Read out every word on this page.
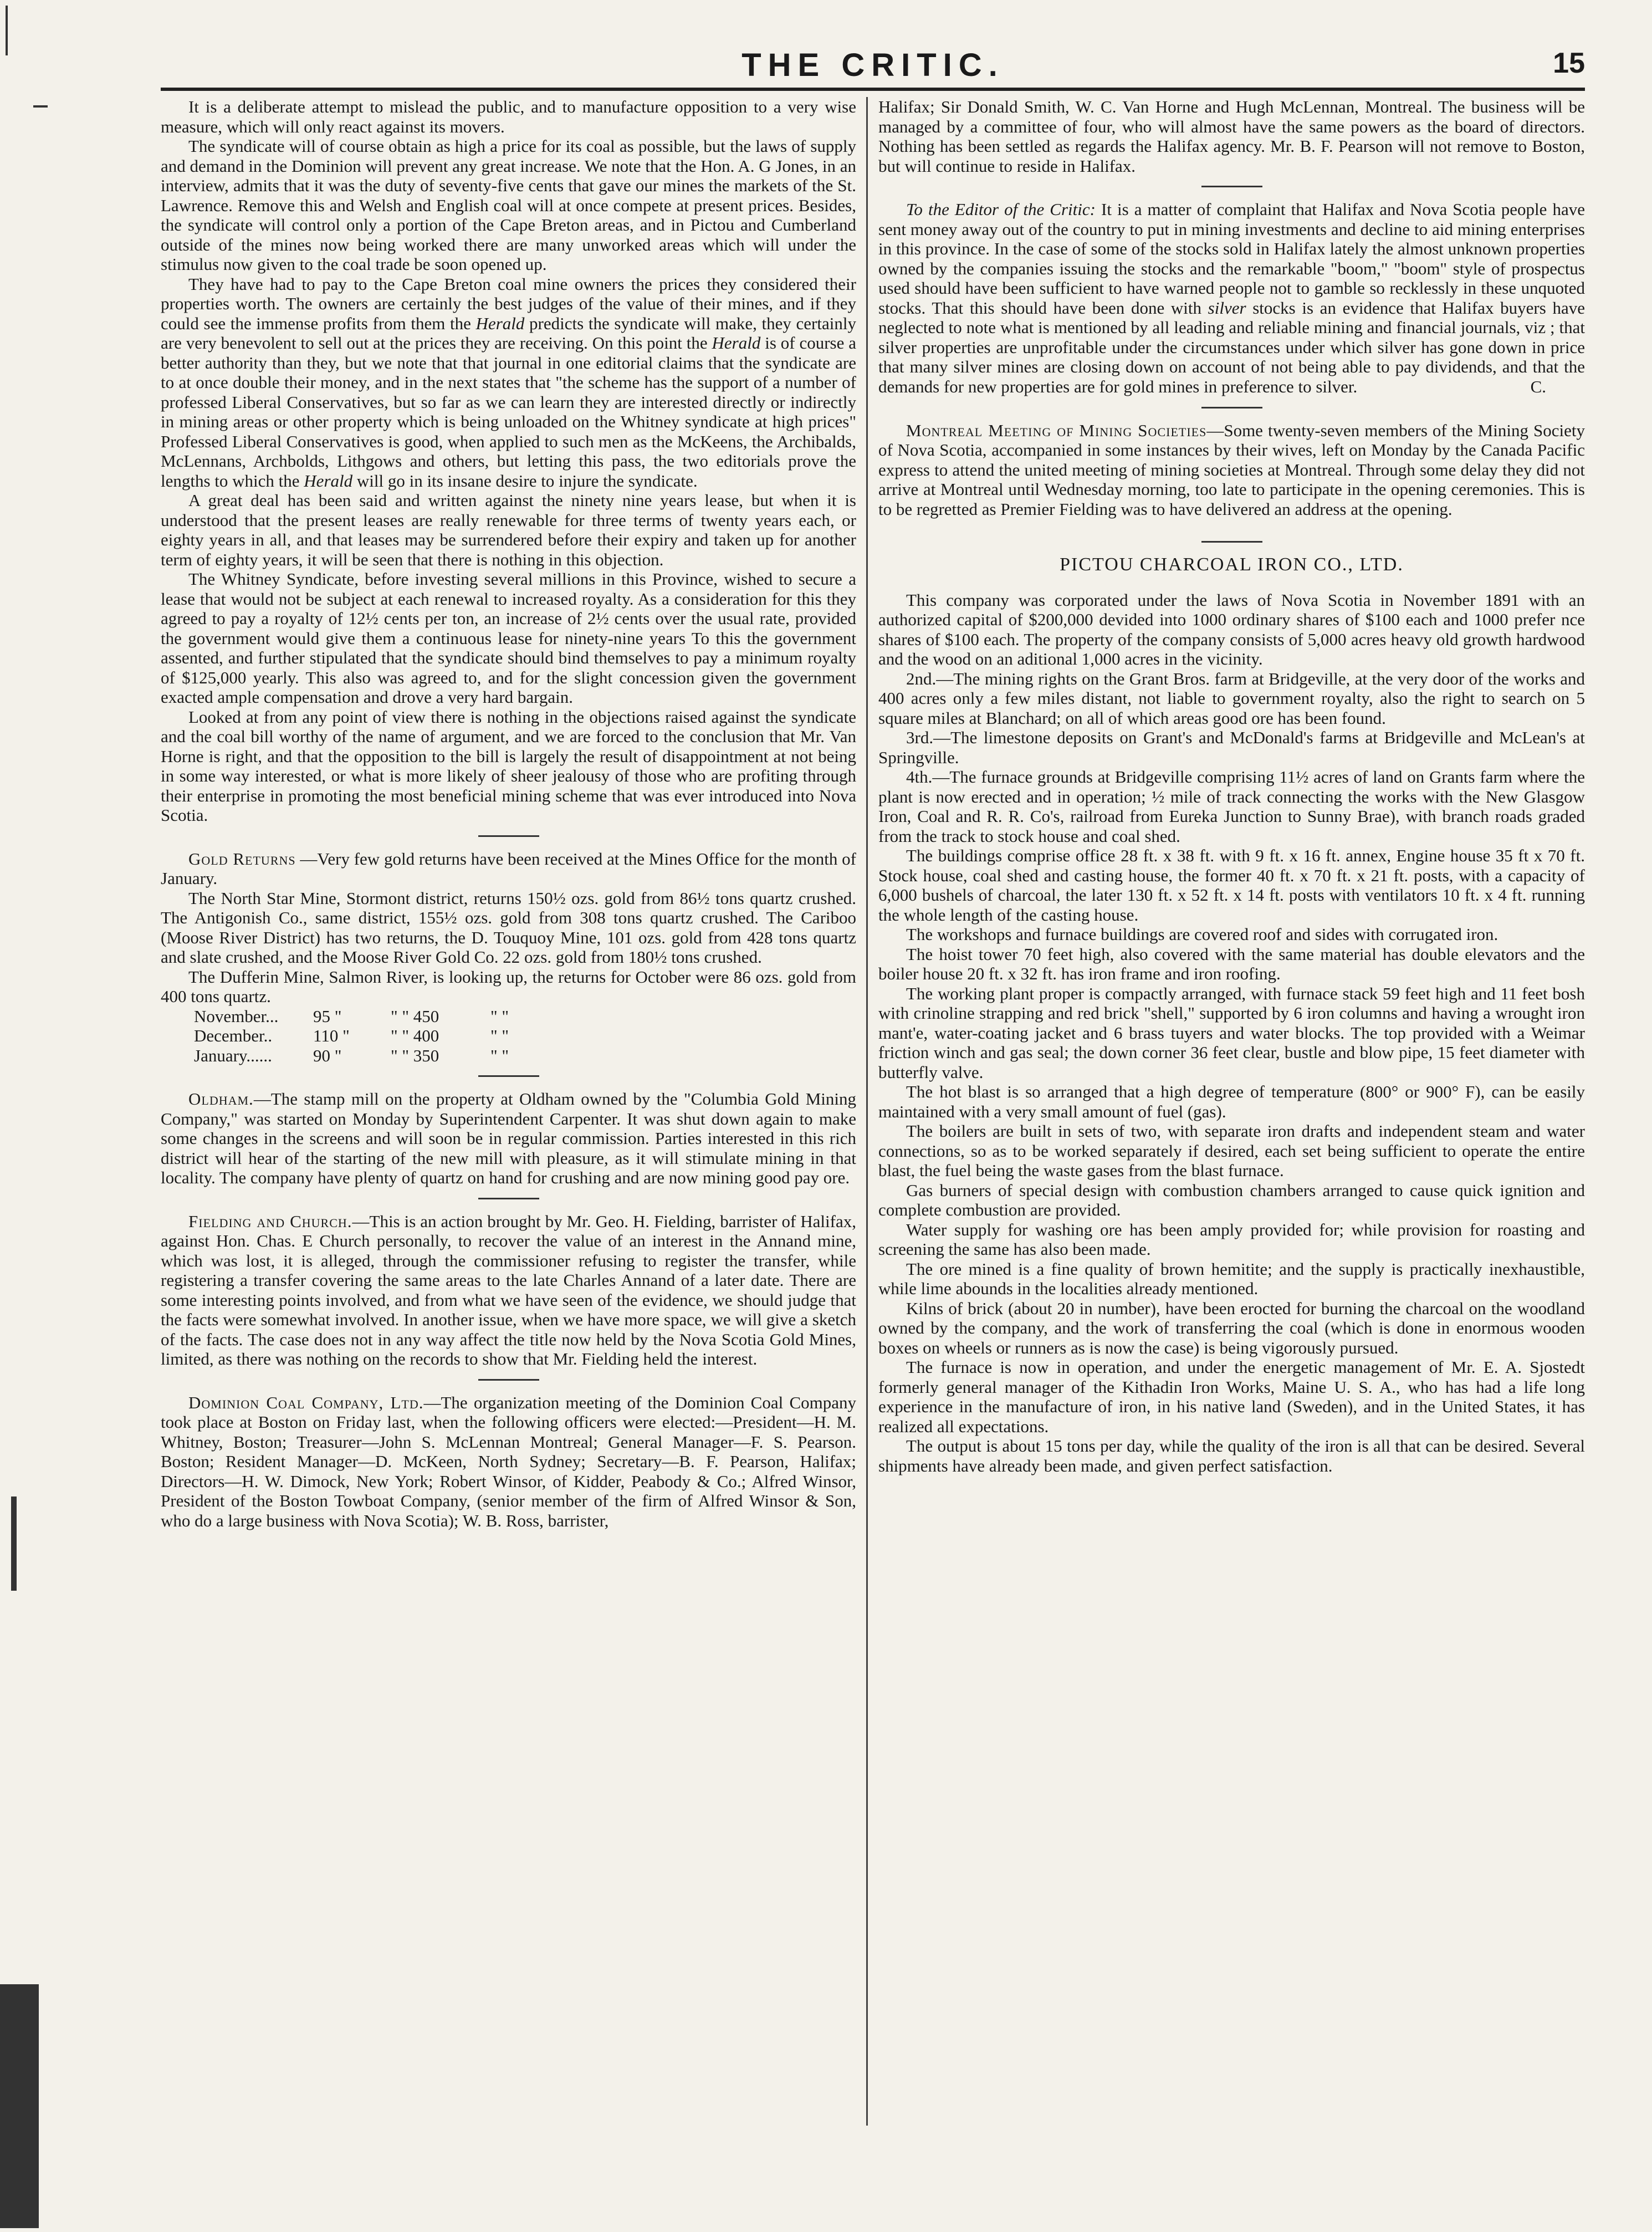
THE CRITIC.	15

It is a deliberate attempt to mislead the public, and to manufacture opposition to a very wise measure, which will only react against its movers.

The syndicate will of course obtain as high a price for its coal as possible, but the laws of supply and demand in the Dominion will prevent any great increase. We note that the Hon. A. G Jones, in an interview, admits that it was the duty of seventy-five cents that gave our mines the markets of the St. Lawrence. Remove this and Welsh and English coal will at once compete at present prices. Besides, the syndicate will control only a portion of the Cape Breton areas, and in Pictou and Cumberland outside of the mines now being worked there are many unworked areas which will under the stimulus now given to the coal trade be soon opened up.

They have had to pay to the Cape Breton coal mine owners the prices they considered their properties worth. The owners are certainly the best judges of the value of their mines, and if they could see the immense profits from them the Herald predicts the syndicate will make, they certainly are very benevolent to sell out at the prices they are receiving. On this point the Herald is of course a better authority than they, but we note that that journal in one editorial claims that the syndicate are to at once double their money, and in the next states that "the scheme has the support of a number of professed Liberal Conservatives, but so far as we can learn they are interested directly or indirectly in mining areas or other property which is being unloaded on the Whitney syndicate at high prices" Professed Liberal Conservatives is good, when applied to such men as the McKeens, the Archibalds, McLennans, Archbolds, Lithgows and others, but letting this pass, the two editorials prove the lengths to which the Herald will go in its insane desire to injure the syndicate.

A great deal has been said and written against the ninety nine years lease, but when it is understood that the present leases are really renewable for three terms of twenty years each, or eighty years in all, and that leases may be surrendered before their expiry and taken up for another term of eighty years, it will be seen that there is nothing in this objection.

The Whitney Syndicate, before investing several millions in this Province, wished to secure a lease that would not be subject at each renewal to increased royalty. As a consideration for this they agreed to pay a royalty of 12½ cents per ton, an increase of 2½ cents over the usual rate, provided the government would give them a continuous lease for ninety-nine years To this the government assented, and further stipulated that the syndicate should bind themselves to pay a minimum royalty of $125,000 yearly. This also was agreed to, and for the slight concession given the government exacted ample compensation and drove a very hard bargain.

Looked at from any point of view there is nothing in the objections raised against the syndicate and the coal bill worthy of the name of argument, and we are forced to the conclusion that Mr. Van Horne is right, and that the opposition to the bill is largely the result of disappointment at not being in some way interested, or what is more likely of sheer jealousy of those who are profiting through their enterprise in promoting the most beneficial mining scheme that was ever introduced into Nova Scotia.

Gold Returns —Very few gold returns have been received at the Mines Office for the month of January.

The North Star Mine, Stormont district, returns 150½ ozs. gold from 86½ tons quartz crushed. The Antigonish Co., same district, 155½ ozs. gold from 308 tons quartz crushed. The Cariboo (Moose River District) has two returns, the D. Touquoy Mine, 101 ozs. gold from 428 tons quartz and slate crushed, and the Moose River Gold Co. 22 ozs. gold from 180½ tons crushed.

The Dufferin Mine, Salmon River, is looking up, the returns for October were 86 ozs. gold from 400 tons quartz.

November...	95 "	" " 450	" "
December..	110 "	" " 400	" "
January......	90 "	" " 350	" "

Oldham.—The stamp mill on the property at Oldham owned by the "Columbia Gold Mining Company," was started on Monday by Superintendent Carpenter. It was shut down again to make some changes in the screens and will soon be in regular commission. Parties interested in this rich district will hear of the starting of the new mill with pleasure, as it will stimulate mining in that locality. The company have plenty of quartz on hand for crushing and are now mining good pay ore.

Fielding and Church.—This is an action brought by Mr. Geo. H. Fielding, barrister of Halifax, against Hon. Chas. E Church personally, to recover the value of an interest in the Annand mine, which was lost, it is alleged, through the commissioner refusing to register the transfer, while registering a transfer covering the same areas to the late Charles Annand of a later date. There are some interesting points involved, and from what we have seen of the evidence, we should judge that the facts were somewhat involved. In another issue, when we have more space, we will give a sketch of the facts. The case does not in any way affect the title now held by the Nova Scotia Gold Mines, limited, as there was nothing on the records to show that Mr. Fielding held the interest.

Dominion Coal Company, Ltd.—The organization meeting of the Dominion Coal Company took place at Boston on Friday last, when the following officers were elected:—President—H. M. Whitney, Boston; Treasurer—John S. McLennan Montreal; General Manager—F. S. Pearson. Boston; Resident Manager—D. McKeen, North Sydney; Secretary—B. F. Pearson, Halifax; Directors—H. W. Dimock, New York; Robert Winsor, of Kidder, Peabody & Co.; Alfred Winsor, President of the Boston Towboat Company, (senior member of the firm of Alfred Winsor & Son, who do a large business with Nova Scotia); W. B. Ross, barrister,

Halifax; Sir Donald Smith, W. C. Van Horne and Hugh McLennan, Montreal. The business will be managed by a committee of four, who will almost have the same powers as the board of directors. Nothing has been settled as regards the Halifax agency. Mr. B. F. Pearson will not remove to Boston, but will continue to reside in Halifax.

To the Editor of the Critic: It is a matter of complaint that Halifax and Nova Scotia people have sent money away out of the country to put in mining investments and decline to aid mining enterprises in this province. In the case of some of the stocks sold in Halifax lately the almost unknown properties owned by the companies issuing the stocks and the remarkable "boom," "boom" style of prospectus used should have been sufficient to have warned people not to gamble so recklessly in these unquoted stocks. That this should have been done with silver stocks is an evidence that Halifax buyers have neglected to note what is mentioned by all leading and reliable mining and financial journals, viz ; that silver properties are unprofitable under the circumstances under which silver has gone down in price that many silver mines are closing down on account of not being able to pay dividends, and that the demands for new properties are for gold mines in preference to silver.	C.

Montreal Meeting of Mining Societies—Some twenty-seven members of the Mining Society of Nova Scotia, accompanied in some instances by their wives, left on Monday by the Canada Pacific express to attend the united meeting of mining societies at Montreal. Through some delay they did not arrive at Montreal until Wednesday morning, too late to participate in the opening ceremonies. This is to be regretted as Premier Fielding was to have delivered an address at the opening.

PICTOU CHARCOAL IRON CO., LTD.

This company was corporated under the laws of Nova Scotia in November 1891 with an authorized capital of $200,000 devided into 1000 ordinary shares of $100 each and 1000 prefer nce shares of $100 each. The property of the company consists of 5,000 acres heavy old growth hardwood and the wood on an aditional 1,000 acres in the vicinity.

2nd.—The mining rights on the Grant Bros. farm at Bridgeville, at the very door of the works and 400 acres only a few miles distant, not liable to government royalty, also the right to search on 5 square miles at Blanchard; on all of which areas good ore has been found.

3rd.—The limestone deposits on Grant's and McDonald's farms at Bridgeville and McLean's at Springville.

4th.—The furnace grounds at Bridgeville comprising 11½ acres of land on Grants farm where the plant is now erected and in operation; ½ mile of track connecting the works with the New Glasgow Iron, Coal and R. R. Co's, railroad from Eureka Junction to Sunny Brae), with branch roads graded from the track to stock house and coal shed.

The buildings comprise office 28 ft. x 38 ft. with 9 ft. x 16 ft. annex, Engine house 35 ft x 70 ft. Stock house, coal shed and casting house, the former 40 ft. x 70 ft. x 21 ft. posts, with a capacity of 6,000 bushels of charcoal, the later 130 ft. x 52 ft. x 14 ft. posts with ventilators 10 ft. x 4 ft. running the whole length of the casting house.

The workshops and furnace buildings are covered roof and sides with corrugated iron.

The hoist tower 70 feet high, also covered with the same material has double elevators and the boiler house 20 ft. x 32 ft. has iron frame and iron roofing.

The working plant proper is compactly arranged, with furnace stack 59 feet high and 11 feet bosh with crinoline strapping and red brick "shell," supported by 6 iron columns and having a wrought iron mant'e, water-coating jacket and 6 brass tuyers and water blocks. The top provided with a Weimar friction winch and gas seal; the down corner 36 feet clear, bustle and blow pipe, 15 feet diameter with butterfly valve.

The hot blast is so arranged that a high degree of temperature (800° or 900° F), can be easily maintained with a very small amount of fuel (gas).

The boilers are built in sets of two, with separate iron drafts and independent steam and water connections, so as to be worked separately if desired, each set being sufficient to operate the entire blast, the fuel being the waste gases from the blast furnace.

Gas burners of special design with combustion chambers arranged to cause quick ignition and complete combustion are provided.

Water supply for washing ore has been amply provided for; while provision for roasting and screening the same has also been made.

The ore mined is a fine quality of brown hemitite; and the supply is practically inexhaustible, while lime abounds in the localities already mentioned.

Kilns of brick (about 20 in number), have been erocted for burning the charcoal on the woodland owned by the company, and the work of transferring the coal (which is done in enormous wooden boxes on wheels or runners as is now the case) is being vigorously pursued.

The furnace is now in operation, and under the energetic management of Mr. E. A. Sjostedt formerly general manager of the Kithadin Iron Works, Maine U. S. A., who has had a life long experience in the manufacture of iron, in his native land (Sweden), and in the United States, it has realized all expectations.

The output is about 15 tons per day, while the quality of the iron is all that can be desired. Several shipments have already been made, and given perfect satisfaction.
